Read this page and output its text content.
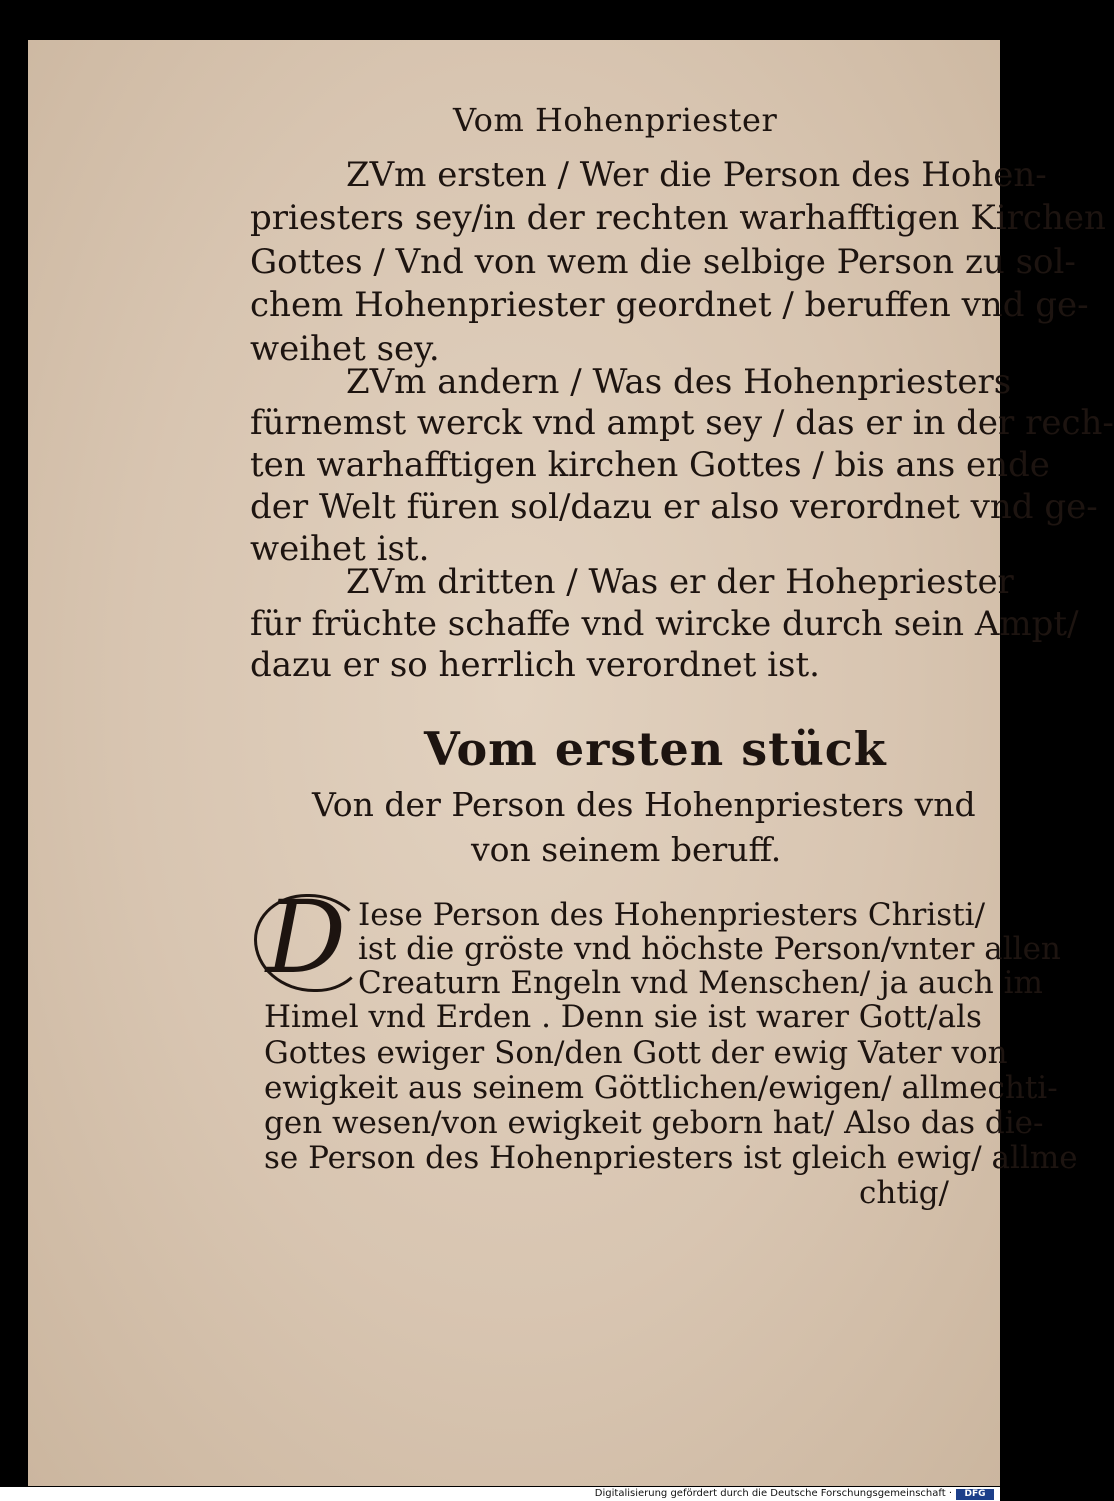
Vom Hohenpriester
ZVm ersten / Wer die Person des Hohen-
priesters sey/in der rechten warhafftigen Kirchen
Gottes / Vnd von wem die selbige Person zu sol-
chem Hohenpriester geordnet / beruffen vnd ge-
weihet sey.
ZVm andern / Was des Hohenpriesters
fürnemst werck vnd ampt sey / das er in der rech-
ten warhafftigen kirchen Gottes / bis ans ende
der Welt füren sol/dazu er also verordnet vnd ge-
weihet ist.
ZVm dritten / Was er der Hohepriester
für früchte schaffe vnd wircke durch sein Ampt/
dazu er so herrlich verordnet ist.
Vom ersten stück
Von der Person des Hohenpriesters vnd
von seinem beruff.
D Iese Person des Hohenpriesters Christi/
ist die gröste vnd höchste Person/vnter allen
Creaturn Engeln vnd Menschen/ ja auch im
Himel vnd Erden . Denn sie ist warer Gott/als
Gottes ewiger Son/den Gott der ewig Vater von
ewigkeit aus seinem Göttlichen/ewigen/ allmechti-
gen wesen/von ewigkeit geborn hat/ Also das die-
se Person des Hohenpriesters ist gleich ewig/ allme
chtig/
Digitalisierung gefördert durch die Deutsche Forschungsgemeinschaft ·	DFG
